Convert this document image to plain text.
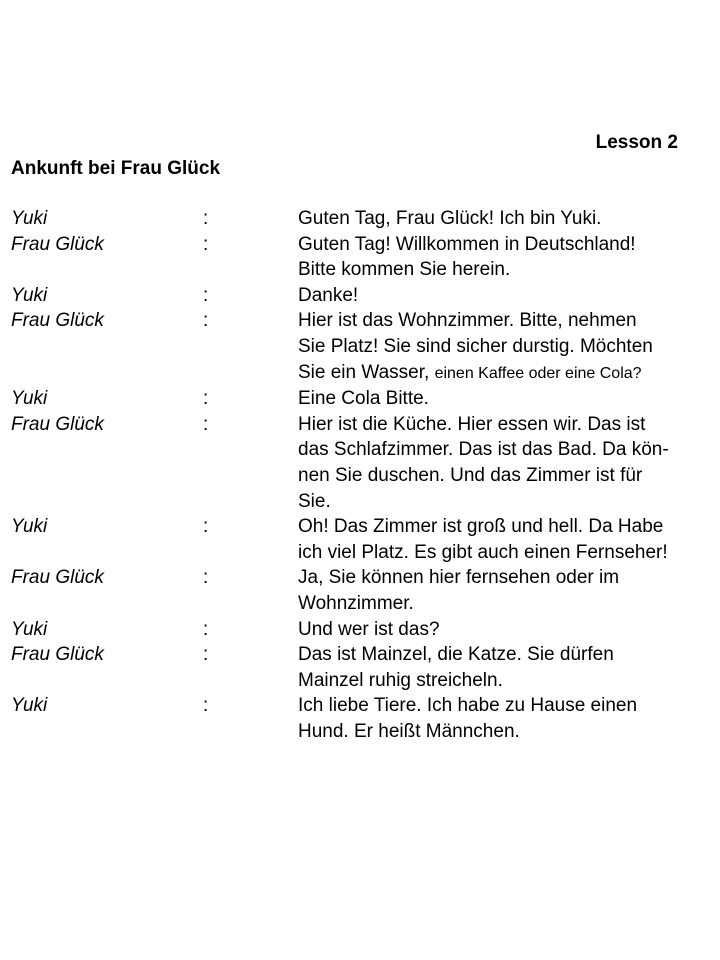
Lesson 2
Ankunft bei Frau Glück
Yuki	:	Guten Tag, Frau Glück! Ich bin Yuki.
Frau Glück	:	Guten Tag! Willkommen in Deutschland!
Bitte kommen Sie herein.
Yuki	:	Danke!
Frau Glück	:	Hier ist das Wohnzimmer. Bitte, nehmen
Sie Platz! Sie sind sicher durstig. Möchten
Sie ein Wasser, einen Kaffee oder eine Cola?
Yuki	:	Eine Cola Bitte.
Frau Glück	:	Hier ist die Küche. Hier essen wir. Das ist
das Schlafzimmer. Das ist das Bad. Da kön-
nen Sie duschen. Und das Zimmer ist für
Sie.
Yuki	:	Oh! Das Zimmer ist groß und hell. Da Habe
ich viel Platz. Es gibt auch einen Fernseher!
Frau Glück	:	Ja, Sie können hier fernsehen oder im
Wohnzimmer.
Yuki	:	Und wer ist das?
Frau Glück	:	Das ist Mainzel, die Katze. Sie dürfen
Mainzel ruhig streicheln.
Yuki	:	Ich liebe Tiere. Ich habe zu Hause einen
Hund. Er heißt Männchen.
